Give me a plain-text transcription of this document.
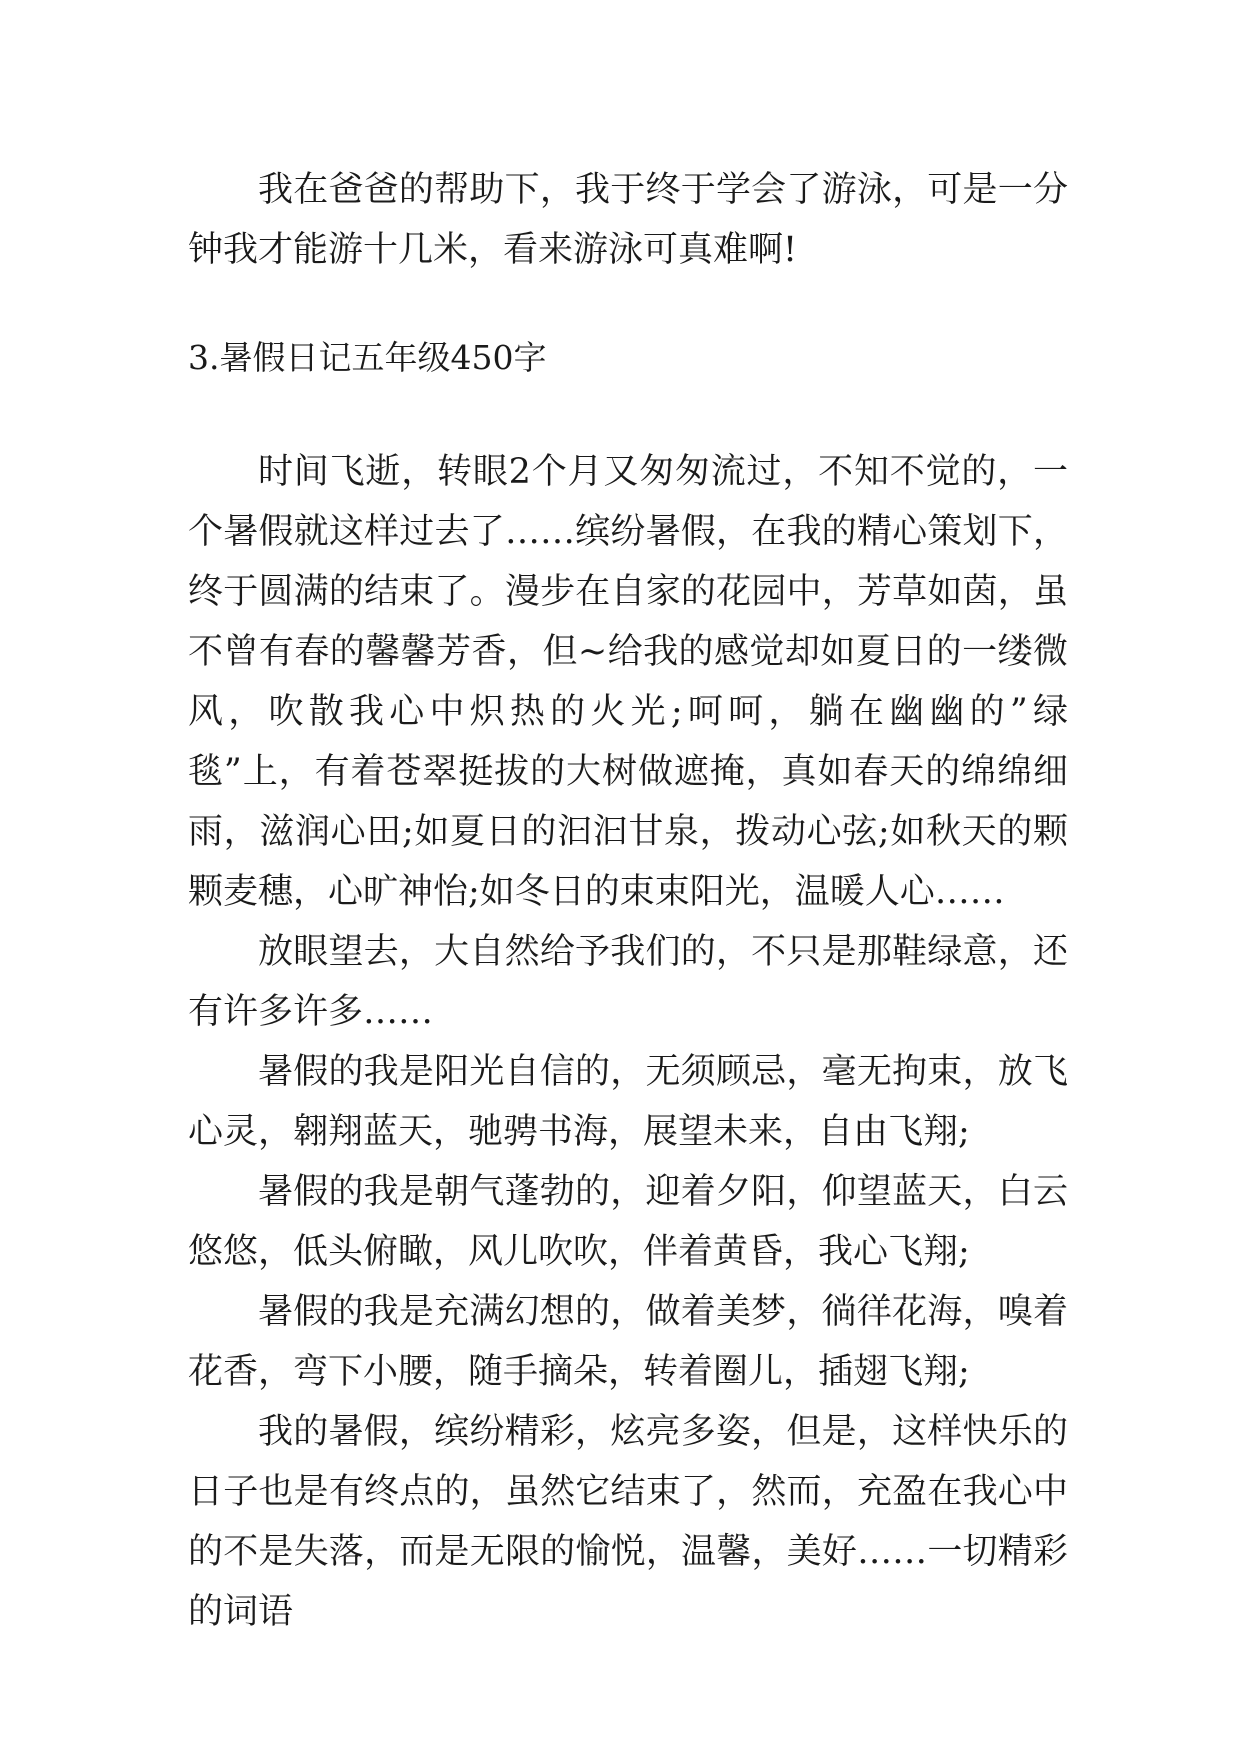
我在爸爸的帮助下，我于终于学会了游泳，可是一分钟我才能游十几米，看来游泳可真难啊!

3.暑假日记五年级450字

时间飞逝，转眼2个月又匆匆流过，不知不觉的，一个暑假就这样过去了……缤纷暑假，在我的精心策划下，终于圆满的结束了。漫步在自家的花园中，芳草如茵，虽不曾有春的馨馨芳香，但~给我的感觉却如夏日的一缕微风，吹散我心中炽热的火光;呵呵，躺在幽幽的”绿毯”上，有着苍翠挺拔的大树做遮掩，真如春天的绵绵细雨，滋润心田;如夏日的汩汩甘泉，拨动心弦;如秋天的颗颗麦穗，心旷神怡;如冬日的束束阳光，温暖人心……

放眼望去，大自然给予我们的，不只是那鞋绿意，还有许多许多……

暑假的我是阳光自信的，无须顾忌，毫无拘束，放飞心灵，翱翔蓝天，驰骋书海，展望未来，自由飞翔;

暑假的我是朝气蓬勃的，迎着夕阳，仰望蓝天，白云悠悠，低头俯瞰，风儿吹吹，伴着黄昏，我心飞翔;

暑假的我是充满幻想的，做着美梦，徜徉花海，嗅着花香，弯下小腰，随手摘朵，转着圈儿，插翅飞翔;

我的暑假，缤纷精彩，炫亮多姿，但是，这样快乐的日子也是有终点的，虽然它结束了，然而，充盈在我心中的不是失落，而是无限的愉悦，温馨，美好……一切精彩的词语
